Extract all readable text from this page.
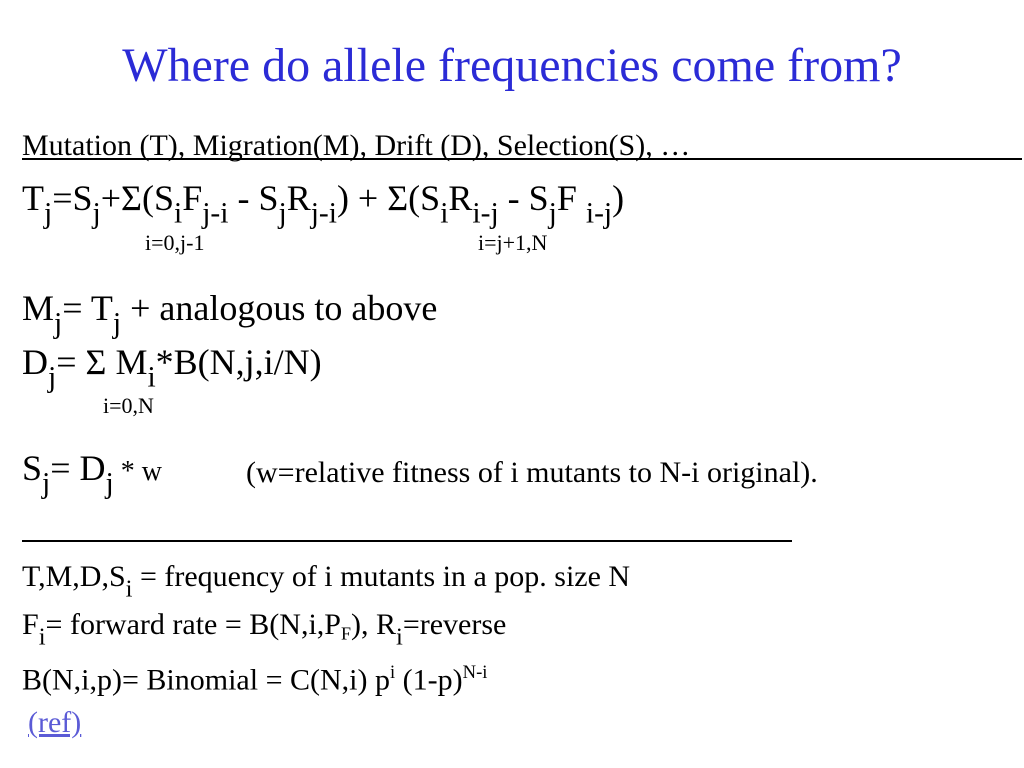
Where do allele frequencies come from?
Mutation (T), Migration(M), Drift (D), Selection(S), …
$T_j=S_j+\Sigma(S_iF_{j-i} - S_jR_{j-i}) + \Sigma(S_iR_{i-j} - S_jF$ $_{i-j}$)
i=0,j-1	i=j+1,N
$M_j= T_j$ + analogous to above
$D_j= \Sigma$ $M_i*B(N,j,i/N)$
i=0,N
$S_j= D_j * w$	(w=relative fitness of i mutants to N-i original).
$T,M,D,S_i$ = frequency of i mutants in a pop. size N
$F_i=$ forward rate = $B(N,i,P_F)$, $R_i=reverse$
B(N,i,p)= Binomial = C(N,i) $p^i$ $(1-p)^{N-i}$
(ref)
